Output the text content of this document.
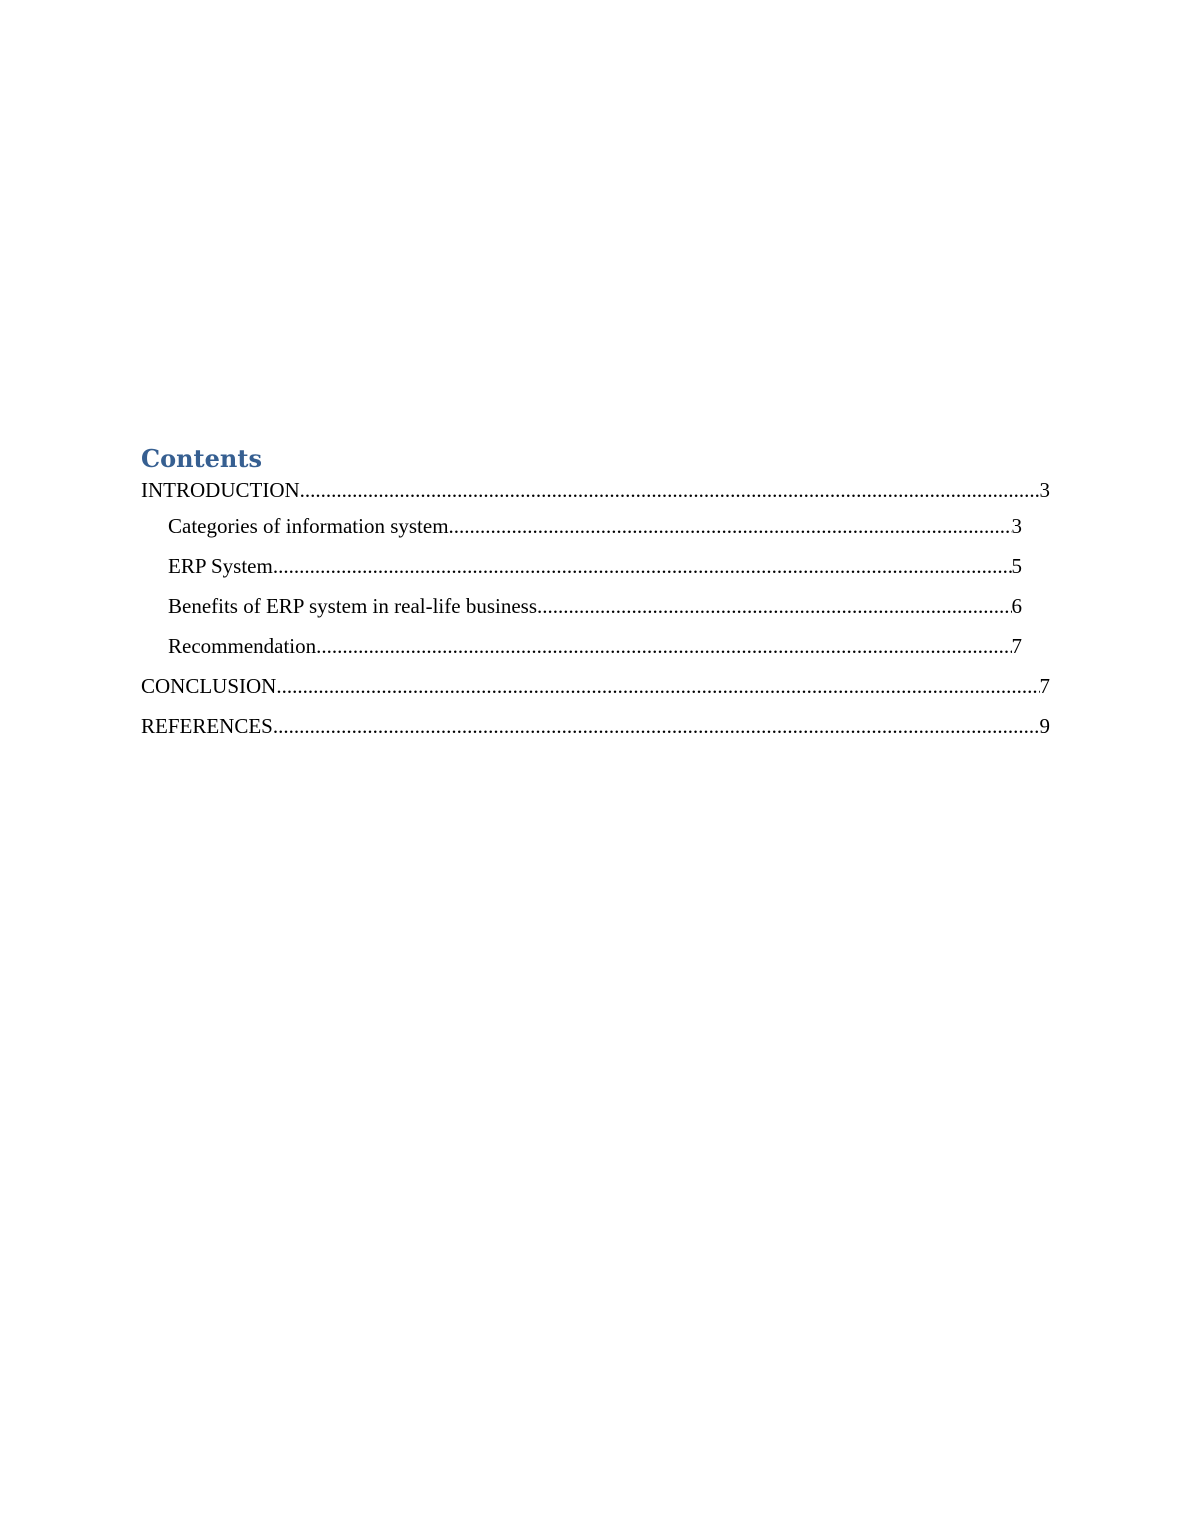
Contents
INTRODUCTION .....	3
Categories of information system .....	3
ERP System .....	5
Benefits of ERP system in real-life business .....	6
Recommendation .....	7
CONCLUSION .....	7
REFERENCES .....	9
